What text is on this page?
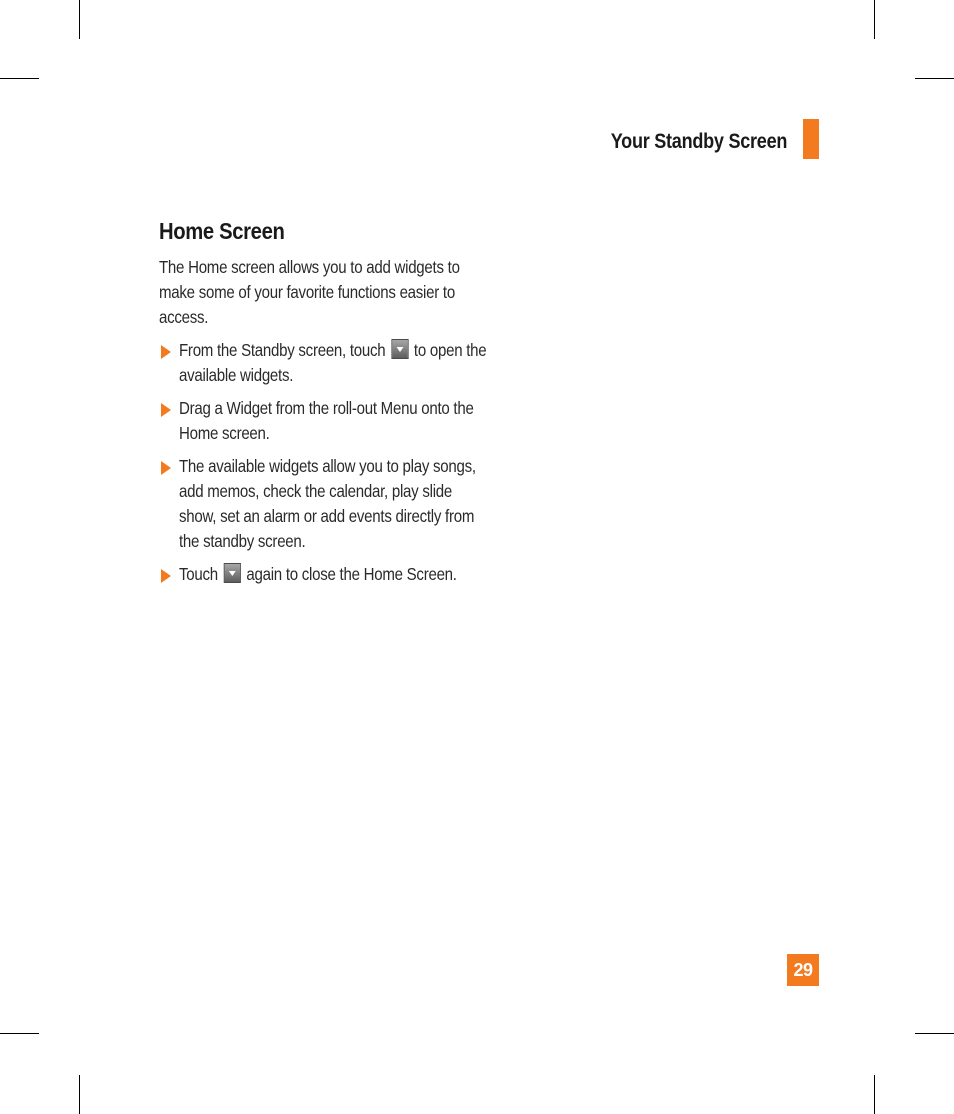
Your Standby Screen
Home Screen
The Home screen allows you to add widgets to make some of your favorite functions easier to access.
From the Standby screen, touch to open the available widgets.
Drag a Widget from the roll-out Menu onto the Home screen.
The available widgets allow you to play songs, add memos, check the calendar, play slide show, set an alarm or add events directly from the standby screen.
Touch again to close the Home Screen.
29
